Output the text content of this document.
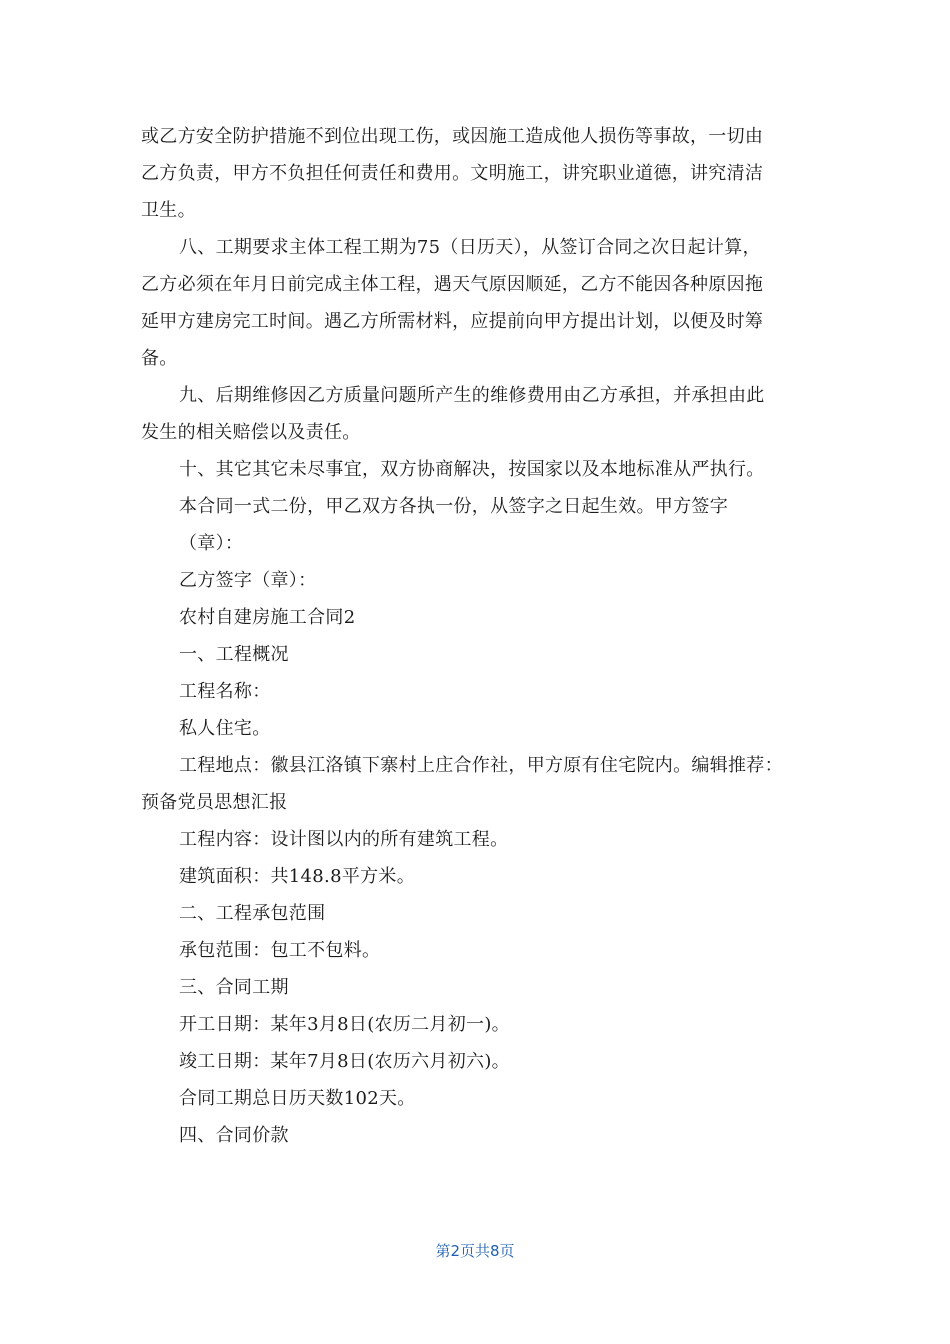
或乙方安全防护措施不到位出现工伤，或因施工造成他人损伤等事故，一切由
乙方负责，甲方不负担任何责任和费用。文明施工，讲究职业道德，讲究清洁
卫生。
八、工期要求主体工程工期为75（日历天），从签订合同之次日起计算，
乙方必须在年月日前完成主体工程，遇天气原因顺延，乙方不能因各种原因拖
延甲方建房完工时间。遇乙方所需材料，应提前向甲方提出计划，以便及时筹
备。
九、后期维修因乙方质量问题所产生的维修费用由乙方承担，并承担由此
发生的相关赔偿以及责任。
十、其它其它未尽事宜，双方协商解决，按国家以及本地标准从严执行。
本合同一式二份，甲乙双方各执一份，从签字之日起生效。甲方签字
（章）：
乙方签字（章）：
农村自建房施工合同2
一、工程概况
工程名称：
私人住宅。
工程地点：徽县江洛镇下寨村上庄合作社，甲方原有住宅院内。编辑推荐：
预备党员思想汇报
工程内容：设计图以内的所有建筑工程。
建筑面积：共148.8平方米。
二、工程承包范围
承包范围：包工不包料。
三、合同工期
开工日期：某年3月8日(农历二月初一)。
竣工日期：某年7月8日(农历六月初六)。
合同工期总日历天数102天。
四、合同价款
第2页共8页
